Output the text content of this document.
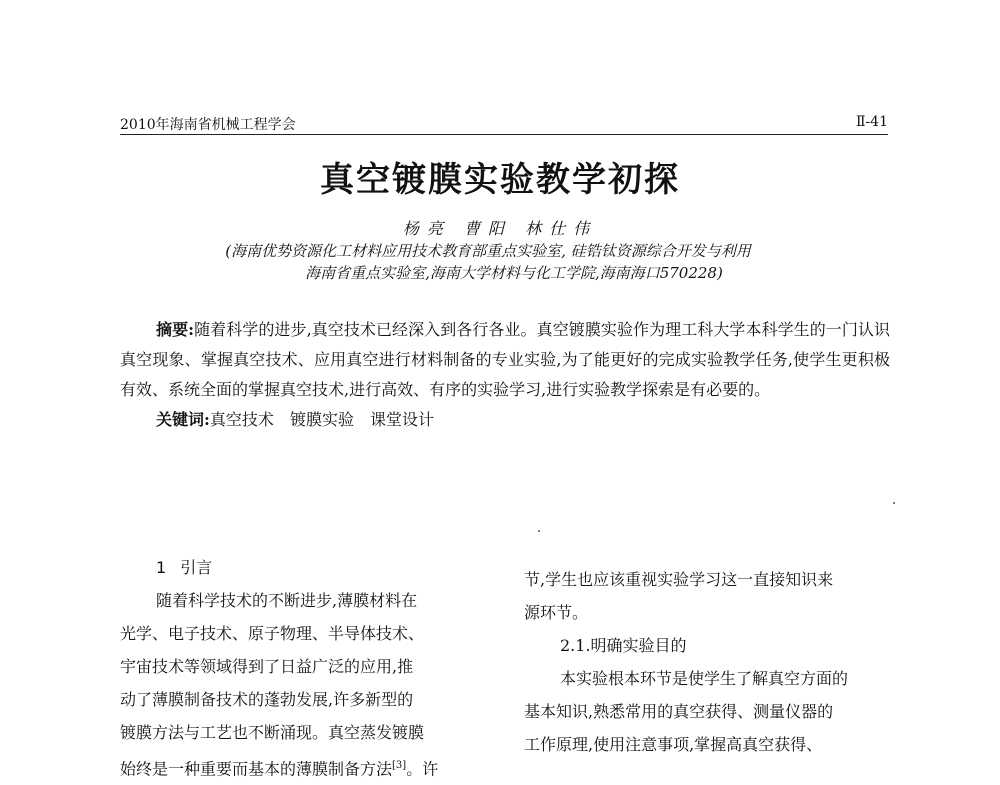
2010年海南省机械工程学会	Ⅱ-41
真空镀膜实验教学初探
杨亮 曹阳 林仕伟
(海南优势资源化工材料应用技术教育部重点实验室, 硅锆钛资源综合开发与利用
海南省重点实验室,海南大学材料与化工学院,海南海口570228)

摘要:随着科学的进步,真空技术已经深入到各行各业。真空镀膜实验作为理工科大学本科学生的一门认识真空现象、掌握真空技术、应用真空进行材料制备的专业实验,为了能更好的完成实验教学任务,使学生更积极有效、系统全面的掌握真空技术,进行高效、有序的实验学习,进行实验教学探索是有必要的。

关键词:真空技术 镀膜实验 课堂设计

1 引言
随着科学技术的不断进步,薄膜材料在
光学、电子技术、原子物理、半导体技术、
宇宙技术等领域得到了日益广泛的应用,推
动了薄膜制备技术的蓬勃发展,许多新型的
镀膜方法与工艺也不断涌现。真空蒸发镀膜
始终是一种重要而基本的薄膜制备方法[3]。许
节,学生也应该重视实验学习这一直接知识来
源环节。
2.1.明确实验目的
本实验根本环节是使学生了解真空方面的
基本知识,熟悉常用的真空获得、测量仪器的
工作原理,使用注意事项,掌握高真空获得、
